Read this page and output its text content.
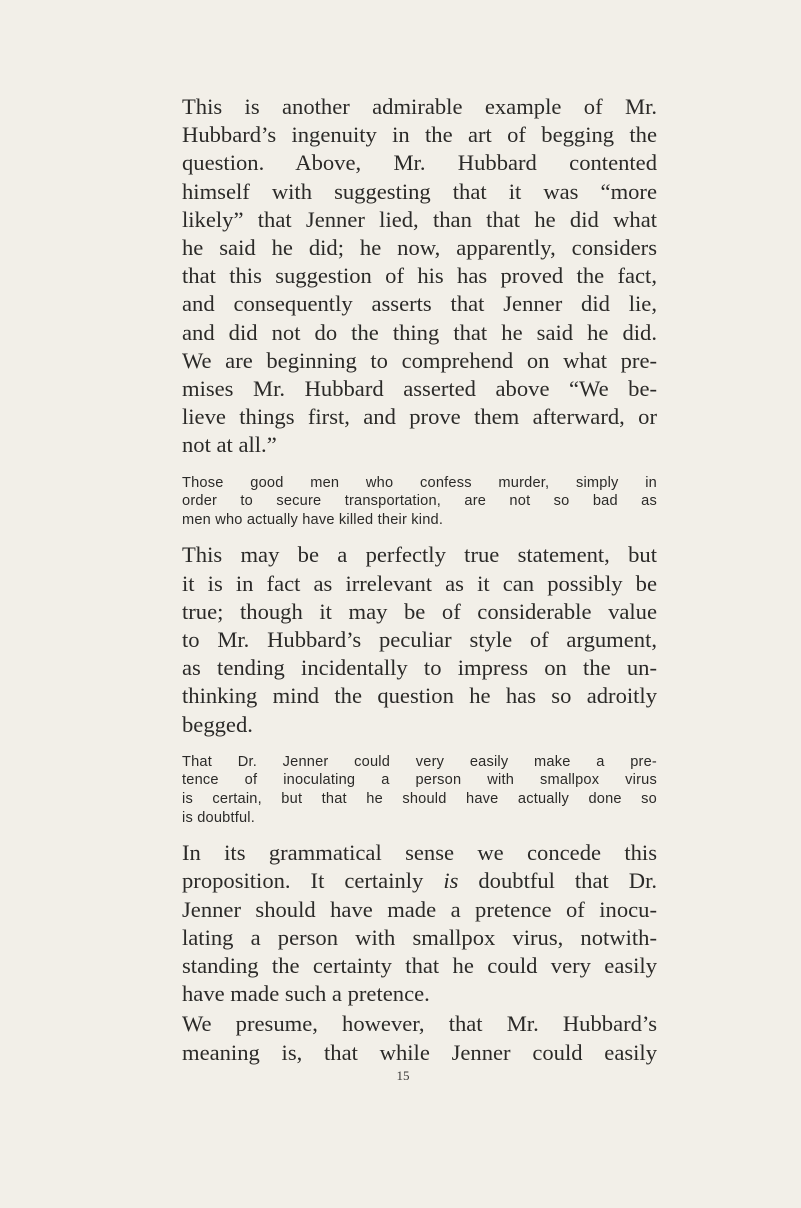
This is another admirable example of Mr.
Hubbard’s ingenuity in the art of begging the
question. Above, Mr. Hubbard contented
himself with suggesting that it was “more
likely” that Jenner lied, than that he did what
he said he did; he now, apparently, considers
that this suggestion of his has proved the fact,
and consequently asserts that Jenner did lie,
and did not do the thing that he said he did.
We are beginning to comprehend on what pre-
mises Mr. Hubbard asserted above “We be-
lieve things first, and prove them afterward, or
not at all.”

Those good men who confess murder, simply in
order to secure transportation, are not so bad as
men who actually have killed their kind.

This may be a perfectly true statement, but
it is in fact as irrelevant as it can possibly be
true; though it may be of considerable value
to Mr. Hubbard’s peculiar style of argument,
as tending incidentally to impress on the un-
thinking mind the question he has so adroitly
begged.

That Dr. Jenner could very easily make a pre-
tence of inoculating a person with smallpox virus
is certain, but that he should have actually done so
is doubtful.

In its grammatical sense we concede this
proposition. It certainly is doubtful that Dr.
Jenner should have made a pretence of inocu-
lating a person with smallpox virus, notwith-
standing the certainty that he could very easily
have made such a pretence.

We presume, however, that Mr. Hubbard’s
meaning is, that while Jenner could easily

15
